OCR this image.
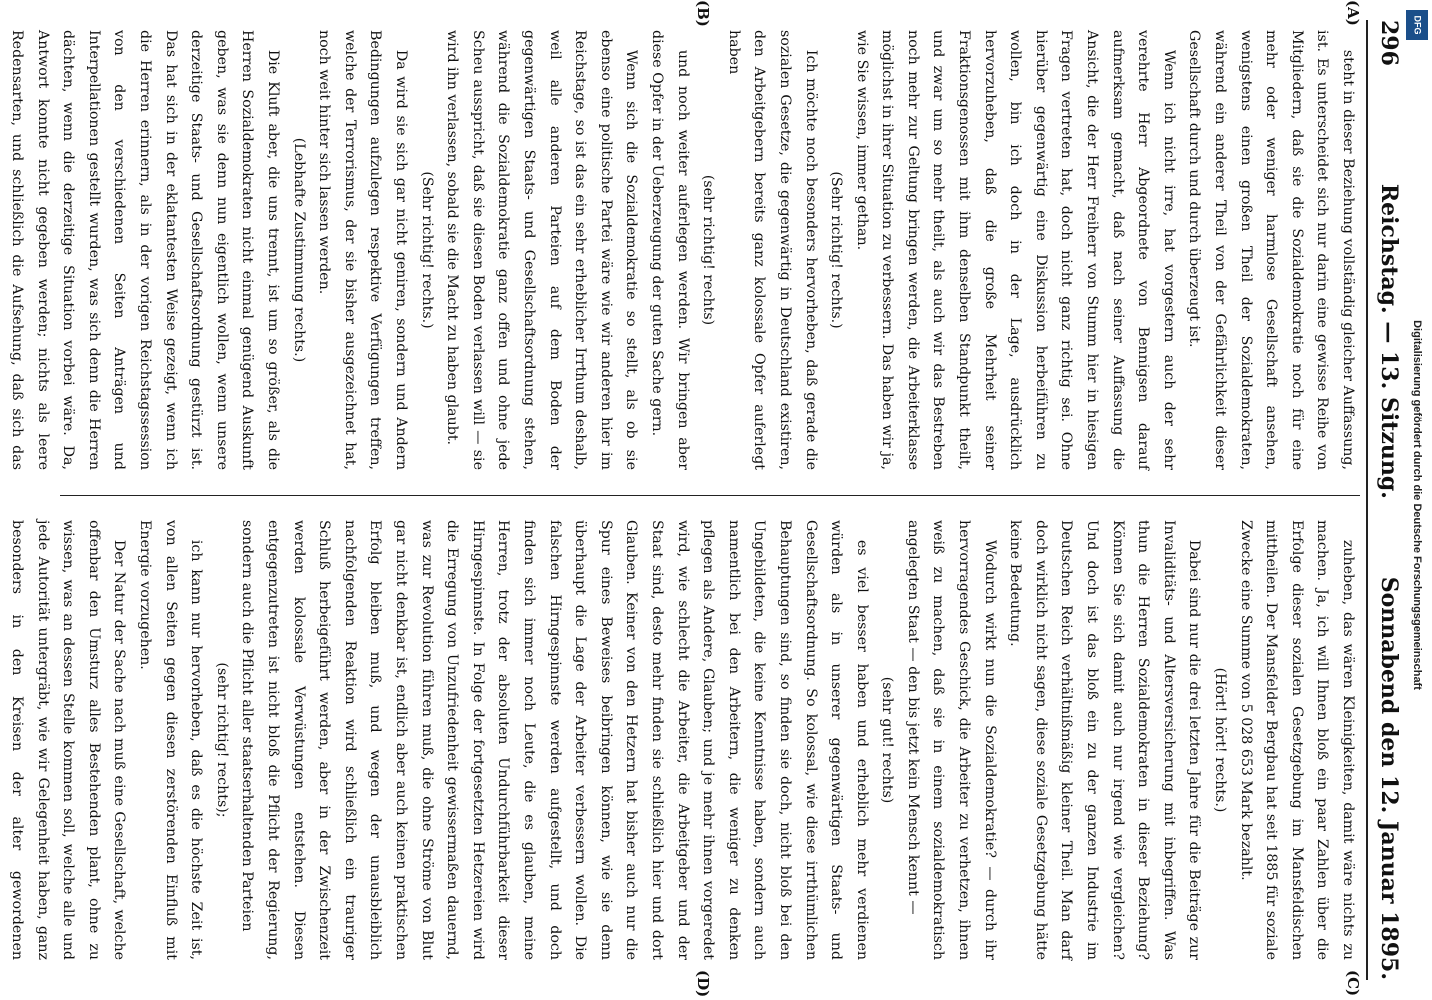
296
Reichstag. — 13. Sitzung.
Sonnabend den 12. Januar 1895.
(A)
(B)
(C)
(D)

steht in dieser Beziehung vollständig gleicher Auffassung, ist. Es unterscheidet sich nur darin eine gewisse Reihe von Mitgliedern, daß sie die Sozialdemokratie noch für eine mehr oder weniger harmlose Gesellschaft ansehen, wenigstens einen großen Theil der Sozialdemokraten, während ein anderer Theil von der Gefährlichkeit dieser Gesellschaft durch und durch überzeugt ist.

Wenn ich nicht irre, hat vorgestern auch der sehr verehrte Herr Abgeordnete von Bennigsen darauf aufmerksam gemacht, daß nach seiner Auffassung die Ansicht, die der Herr Freiherr von Stumm hier in hiesigen Fragen vertreten hat, doch nicht ganz richtig sei. Ohne hierüber gegenwärtig eine Diskussion herbeiführen zu wollen, bin ich doch in der Lage, ausdrücklich hervorzuheben, daß die große Mehrheit seiner Fraktionsgenossen mit ihm denselben Standpunkt theilt, und zwar um so mehr theilt, als auch wir das Bestreben noch mehr zur Geltung bringen werden, die Arbeiterklasse möglichst in ihrer Situation zu verbessern. Das haben wir ja, wie Sie wissen, immer gethan.

(Sehr richtig! rechts.)

Ich möchte noch besonders hervorheben, daß gerade die sozialen Gesetze, die gegenwärtig in Deutschland existiren, den Arbeitgebern bereits ganz kolossale Opfer auferlegt haben

(sehr richtig! rechts)

und noch weiter auferlegen werden. Wir bringen aber diese Opfer in der Ueberzeugung der guten Sache gern.

Wenn sich die Sozialdemokratie so stellt, als ob sie ebenso eine politische Partei wäre wie wir anderen hier im Reichstage, so ist das ein sehr erheblicher Irrthum deshalb, weil alle anderen Parteien auf dem Boden der gegenwärtigen Staats- und Gesellschaftsordnung stehen, während die Sozialdemokratie ganz offen und ohne jede Scheu ausspricht, daß sie diesen Boden verlassen will — sie wird ihn verlassen, sobald sie die Macht zu haben glaubt.

(Sehr richtig! rechts.)

Da wird sie sich gar nicht geniren, sondern und Andern Bedingungen aufzulegen respektive Verfügungen treffen, welche der Terrorismus, der sie bisher ausgezeichnet hat, noch weit hinter sich lassen werden.

(Lebhafte Zustimmung rechts.)

Die Kluft aber, die uns trennt, ist um so größer, als die Herren Sozialdemokraten nicht einmal genügend Auskunft geben, was sie denn nun eigentlich wollen, wenn unsere derzeitige Staats- und Gesellschaftsordnung gestürzt ist. Das hat sich in der eklatantesten Weise gezeigt, wenn ich die Herren erinnern, als in der vorigen Reichstagssession von den verschiedenen Seiten Anträgen und Interpellationen gestellt wurden, was sich denn die Herren dächten, wenn die derzeitige Situation vorbei wäre. Da, Antwort konnte nicht gegeben werden; nichts als leere Redensarten, und schließlich die Aufsehung, daß sich das

zuheben, das wären Kleinigkeiten, damit wäre nichts zu machen. Ja, ich will Ihnen bloß ein paar Zahlen über die Erfolge dieser sozialen Gesetzgebung im Mansfeldischen mittheilen. Der Mansfelder Bergbau hat seit 1885 für soziale Zwecke eine Summe von 5 028 653 Mark bezahlt.

(Hört! hört! rechts.)

Dabei sind nur die drei letzten Jahre für die Beiträge zur Invaliditäts- und Altersversicherung mit inbegriffen. Was thun die Herren Sozialdemokraten in dieser Beziehung? Können Sie sich damit auch nur irgend wie vergleichen? Und doch ist das bloß ein zu der ganzen Industrie im Deutschen Reich verhältnißmäßig kleiner Theil. Man darf doch wirklich nicht sagen, diese soziale Gesetzgebung hätte keine Bedeutung.

Wodurch wirkt nun die Sozialdemokratie? — durch ihr hervorragendes Geschick, die Arbeiter zu verhetzen, ihnen weiß zu machen, daß sie in einem sozialdemokratisch angelegten Staat — den bis jetzt kein Mensch kennt —

(sehr gut! rechts)

es viel besser haben und erheblich mehr verdienen würden als in unserer gegenwärtigen Staats- und Gesellschaftsordnung. So kolossal, wie diese irrthümlichen Behauptungen sind, so finden sie doch, nicht bloß bei den Ungebildeten, die keine Kenntnisse haben, sondern auch namentlich bei den Arbeitern, die weniger zu denken pflegen als Andere, Glauben; und je mehr ihnen vorgeredet wird, wie schlecht die Arbeiter, die Arbeitgeber und der Staat sind, desto mehr finden sie schließlich hier und dort Glauben. Keiner von den Hetzern hat bisher auch nur die Spur eines Beweises beibringen können, wie sie denn überhaupt die Lage der Arbeiter verbessern wollen. Die falschen Hirngespinnste werden aufgestellt, und doch finden sich immer noch Leute, die es glauben, meine Herren, trotz der absoluten Undurchführbarkeit dieser Hirngespinnste. In Folge der fortgesetzten Hetzereien wird die Erregung von Unzufriedenheit gewissermaßen dauernd, was zur Revolution führen muß, die ohne Ströme von Blut gar nicht denkbar ist, endlich aber auch keinen praktischen Erfolg bleiben muß, und wegen der unausbleiblich nachfolgenden Reaktion wird schließlich ein trauriger Schluß herbeigeführt werden, aber in der Zwischenzeit werden kolossale Verwüstungen entstehen. Diesen entgegenzutreten ist nicht bloß die Pflicht der Regierung, sondern auch die Pflicht aller staatserhaltenden Parteien

(sehr richtig! rechts);

ich kann nur hervorheben, daß es die höchste Zeit ist, von allen Seiten gegen diesen zerstörenden Einfluß mit Energie vorzugehen.

Der Natur der Sache nach muß eine Gesellschaft, welche offenbar den Umsturz alles Bestehenden plant, ohne zu wissen, was an dessen Stelle kommen soll, welche alle und jede Autorität untergräbt, wie wir Gelegenheit haben, ganz besonders in den Kreisen der alter gewordenen

DFG
Digitalisierung gefördert durch die Deutsche Forschungsgemeinschaft
